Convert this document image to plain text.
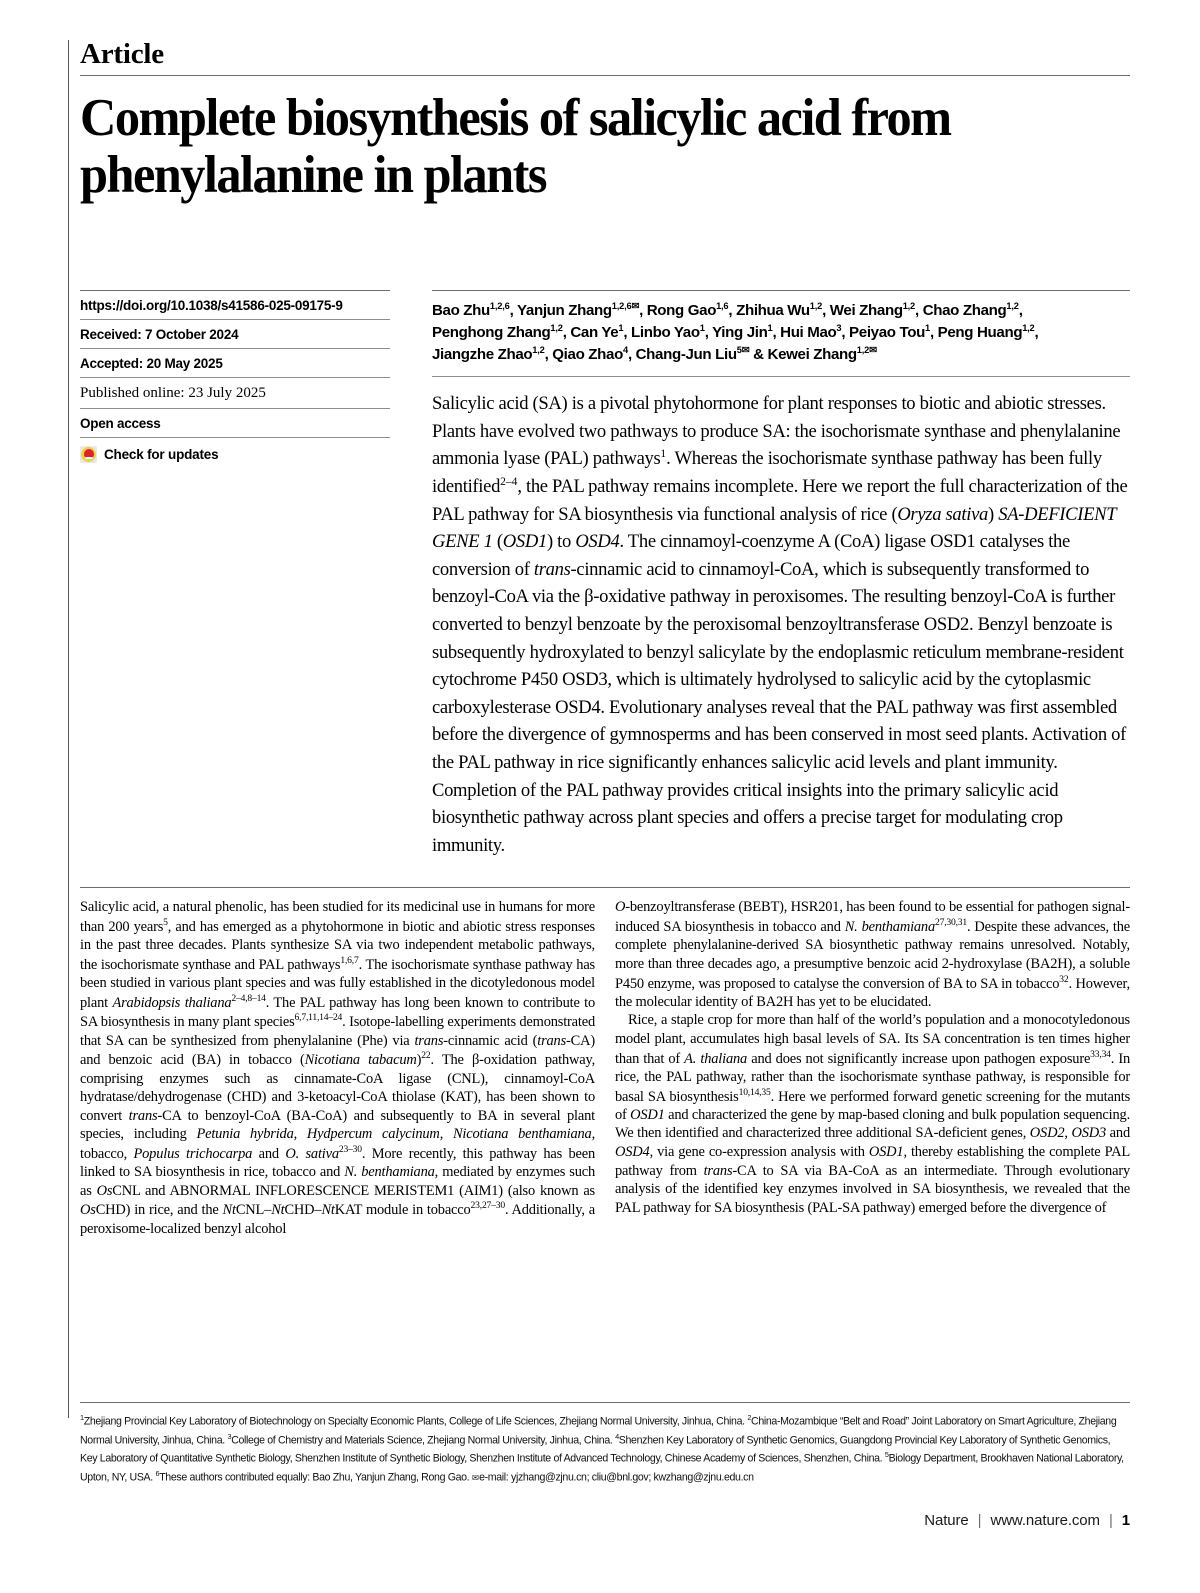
Article
Complete biosynthesis of salicylic acid from phenylalanine in plants
https://doi.org/10.1038/s41586-025-09175-9
Received: 7 October 2024
Accepted: 20 May 2025
Published online: 23 July 2025
Open access
Check for updates
Bao Zhu$^{1,2,6}$, Yanjun Zhang$^{1,2,6✉}$, Rong Gao$^{1,6}$, Zhihua Wu$^{1,2}$, Wei Zhang$^{1,2}$, Chao Zhang$^{1,2}$,
Penghong Zhang$^{1,2}$, Can Ye$^1$, Linbo Yao$^1$, Ying Jin$^1$, Hui Mao$^3$, Peiyao Tou$^1$, Peng Huang$^{1,2}$,
Jiangzhe Zhao$^{1,2}$, Qiao Zhao$^4$, Chang-Jun Liu$^{5✉}$ & Kewei Zhang$^{1,2✉}$
Salicylic acid (SA) is a pivotal phytohormone for plant responses to biotic and abiotic stresses. Plants have evolved two pathways to produce SA: the isochorismate synthase and phenylalanine ammonia lyase (PAL) pathways$^1$. Whereas the isochorismate synthase pathway has been fully identified$^{2-4}$, the PAL pathway remains incomplete. Here we report the full characterization of the PAL pathway for SA biosynthesis via functional analysis of rice (Oryza sativa) SA-DEFICIENT GENE 1 (OSD1) to OSD4. The cinnamoyl-coenzyme A (CoA) ligase OSD1 catalyses the conversion of trans-cinnamic acid to cinnamoyl-CoA, which is subsequently transformed to benzoyl-CoA via the β-oxidative pathway in peroxisomes. The resulting benzoyl-CoA is further converted to benzyl benzoate by the peroxisomal benzoyltransferase OSD2. Benzyl benzoate is subsequently hydroxylated to benzyl salicylate by the endoplasmic reticulum membrane-resident cytochrome P450 OSD3, which is ultimately hydrolysed to salicylic acid by the cytoplasmic carboxylesterase OSD4. Evolutionary analyses reveal that the PAL pathway was first assembled before the divergence of gymnosperms and has been conserved in most seed plants. Activation of the PAL pathway in rice significantly enhances salicylic acid levels and plant immunity. Completion of the PAL pathway provides critical insights into the primary salicylic acid biosynthetic pathway across plant species and offers a precise target for modulating crop immunity.

Salicylic acid, a natural phenolic, has been studied for its medicinal use in humans for more than 200 years$^5$, and has emerged as a phytohormone in biotic and abiotic stress responses in the past three decades. Plants synthesize SA via two independent metabolic pathways, the isochorismate synthase and PAL pathways$^{1,6,7}$. The isochorismate synthase pathway has been studied in various plant species and was fully established in the dicotyledonous model plant Arabidopsis thaliana$^{2-4,8-14}$. The PAL pathway has long been known to contribute to SA biosynthesis in many plant species$^{6,7,11,14-24}$. Isotope-labelling experiments demonstrated that SA can be synthesized from phenylalanine (Phe) via trans-cinnamic acid (trans-CA) and benzoic acid (BA) in tobacco (Nicotiana tabacum)$^{22}$. The β-oxidation pathway, comprising enzymes such as cinnamate-CoA ligase (CNL), cinnamoyl-CoA hydratase/dehydrogenase (CHD) and 3-ketoacyl-CoA thiolase (KAT), has been shown to convert trans-CA to benzoyl-CoA (BA-CoA) and subsequently to BA in several plant species, including Petunia hybrida, Hydpercum calycinum, Nicotiana benthamiana, tobacco, Populus trichocarpa and O. sativa$^{23-30}$. More recently, this pathway has been linked to SA biosynthesis in rice, tobacco and N. benthamiana, mediated by enzymes such as OsCNL and ABNORMAL INFLORESCENCE MERISTEM1 (AIM1) (also known as OsCHD) in rice, and the NtCNL–NtCHD–NtKAT module in tobacco$^{23,27-30}$. Additionally, a peroxisome-localized benzyl alcohol

O-benzoyltransferase (BEBT), HSR201, has been found to be essential for pathogen signal-induced SA biosynthesis in tobacco and N. benthamiana$^{27,30,31}$. Despite these advances, the complete phenylalanine-derived SA biosynthetic pathway remains unresolved. Notably, more than three decades ago, a presumptive benzoic acid 2-hydroxylase (BA2H), a soluble P450 enzyme, was proposed to catalyse the conversion of BA to SA in tobacco$^{32}$. However, the molecular identity of BA2H has yet to be elucidated.

Rice, a staple crop for more than half of the world’s population and a monocotyledonous model plant, accumulates high basal levels of SA. Its SA concentration is ten times higher than that of A. thaliana and does not significantly increase upon pathogen exposure$^{33,34}$. In rice, the PAL pathway, rather than the isochorismate synthase pathway, is responsible for basal SA biosynthesis$^{10,14,35}$. Here we performed forward genetic screening for the mutants of OSD1 and characterized the gene by map-based cloning and bulk population sequencing. We then identified and characterized three additional SA-deficient genes, OSD2, OSD3 and OSD4, via gene co-expression analysis with OSD1, thereby establishing the complete PAL pathway from trans-CA to SA via BA-CoA as an intermediate. Through evolutionary analysis of the identified key enzymes involved in SA biosynthesis, we revealed that the PAL pathway for SA biosynthesis (PAL-SA pathway) emerged before the divergence of

$^1$Zhejiang Provincial Key Laboratory of Biotechnology on Specialty Economic Plants, College of Life Sciences, Zhejiang Normal University, Jinhua, China. $^2$China-Mozambique “Belt and Road” Joint Laboratory on Smart Agriculture, Zhejiang Normal University, Jinhua, China. $^3$College of Chemistry and Materials Science, Zhejiang Normal University, Jinhua, China. $^4$Shenzhen Key Laboratory of Synthetic Genomics, Guangdong Provincial Key Laboratory of Synthetic Genomics, Key Laboratory of Quantitative Synthetic Biology, Shenzhen Institute of Synthetic Biology, Shenzhen Institute of Advanced Technology, Chinese Academy of Sciences, Shenzhen, China. $^5$Biology Department, Brookhaven National Laboratory, Upton, NY, USA. $^6$These authors contributed equally: Bao Zhu, Yanjun Zhang, Rong Gao. ✉e-mail: yjzhang@zjnu.cn; cliu@bnl.gov; kwzhang@zjnu.edu.cn
Nature | www.nature.com | 1
